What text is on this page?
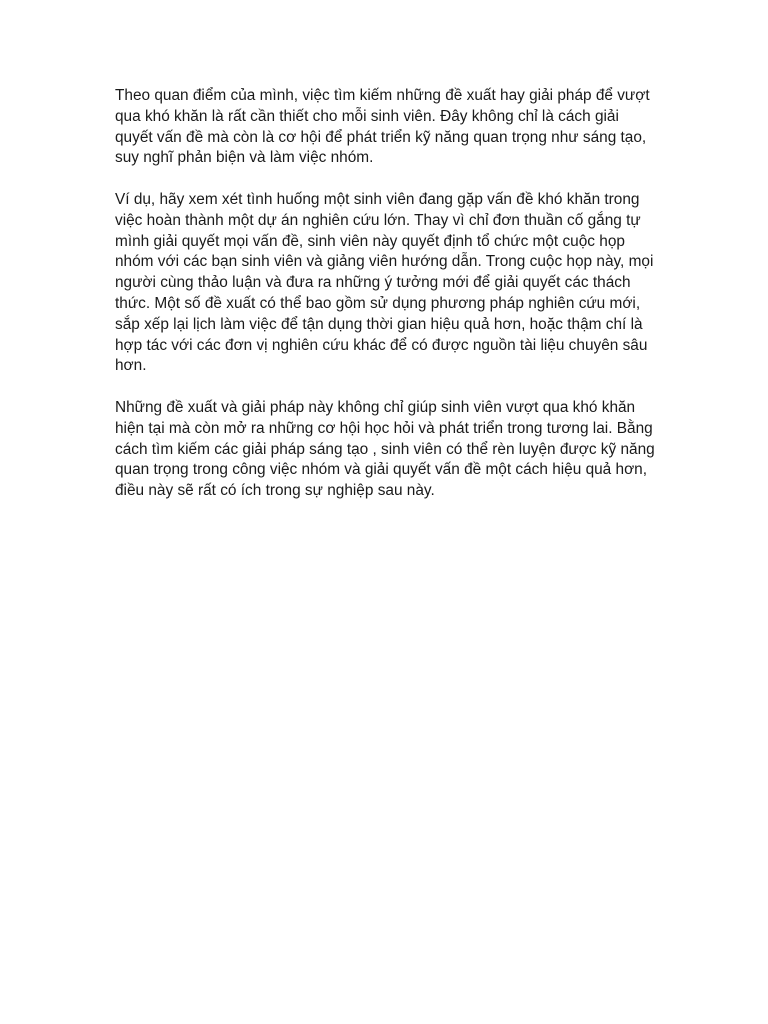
Theo quan điểm của mình, việc tìm kiếm những đề xuất hay giải pháp để vượt qua khó khăn là rất cần thiết cho mỗi sinh viên. Đây không chỉ là cách giải quyết vấn đề mà còn là cơ hội để phát triển kỹ năng quan trọng như sáng tạo, suy nghĩ phản biện và làm việc nhóm.

Ví dụ, hãy xem xét tình huống một sinh viên đang gặp vấn đề khó khăn trong việc hoàn thành một dự án nghiên cứu lớn. Thay vì chỉ đơn thuần cố gắng tự mình giải quyết mọi vấn đề, sinh viên này quyết định tổ chức một cuộc họp nhóm với các bạn sinh viên và giảng viên hướng dẫn. Trong cuộc họp này, mọi người cùng thảo luận và đưa ra những ý tưởng mới để giải quyết các thách thức. Một số đề xuất có thể bao gồm sử dụng phương pháp nghiên cứu mới, sắp xếp lại lịch làm việc để tận dụng thời gian hiệu quả hơn, hoặc thậm chí là hợp tác với các đơn vị nghiên cứu khác để có được nguồn tài liệu chuyên sâu hơn.

Những đề xuất và giải pháp này không chỉ giúp sinh viên vượt qua khó khăn hiện tại mà còn mở ra những cơ hội học hỏi và phát triển trong tương lai. Bằng cách tìm kiếm các giải pháp sáng tạo , sinh viên có thể rèn luyện được kỹ năng quan trọng trong công việc nhóm và giải quyết vấn đề một cách hiệu quả hơn, điều này sẽ rất có ích trong sự nghiệp sau này.
